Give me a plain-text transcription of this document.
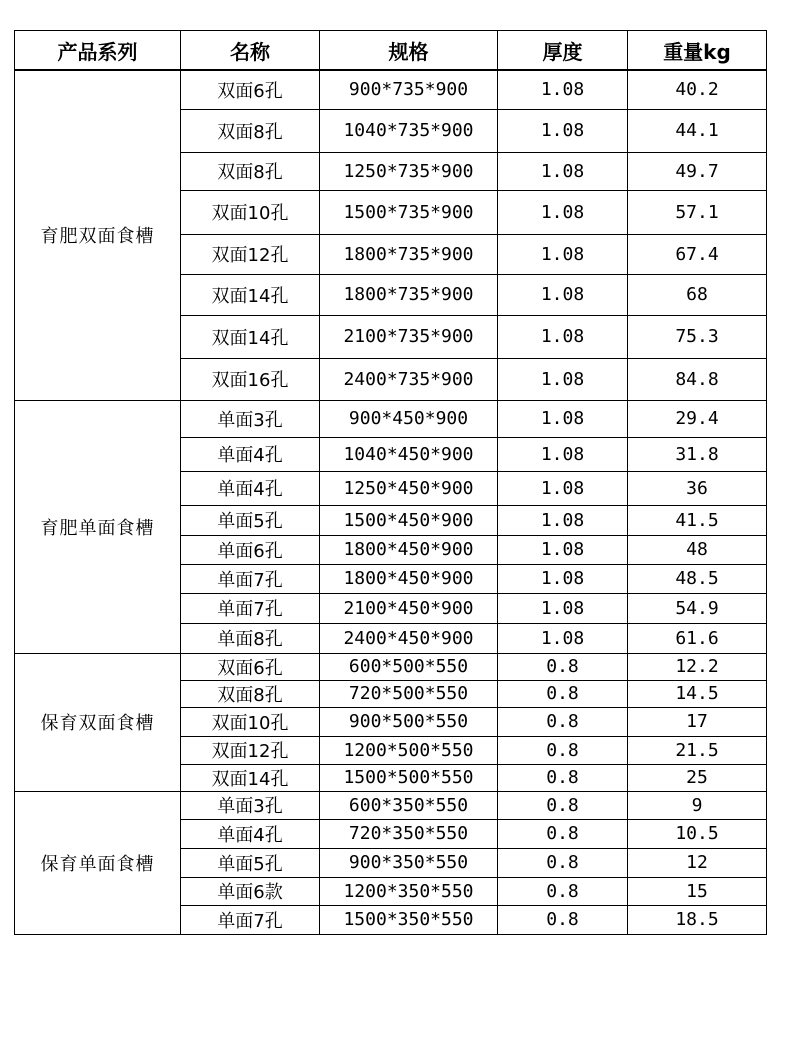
产品系列	名称	规格	厚度	重量kg
育肥双面食槽	双面6孔	900*735*900	1.08	40.2
	双面8孔	1040*735*900	1.08	44.1
	双面8孔	1250*735*900	1.08	49.7
	双面10孔	1500*735*900	1.08	57.1
	双面12孔	1800*735*900	1.08	67.4
	双面14孔	1800*735*900	1.08	68
	双面14孔	2100*735*900	1.08	75.3
	双面16孔	2400*735*900	1.08	84.8
育肥单面食槽	单面3孔	900*450*900	1.08	29.4
	单面4孔	1040*450*900	1.08	31.8
	单面4孔	1250*450*900	1.08	36
	单面5孔	1500*450*900	1.08	41.5
	单面6孔	1800*450*900	1.08	48
	单面7孔	1800*450*900	1.08	48.5
	单面7孔	2100*450*900	1.08	54.9
	单面8孔	2400*450*900	1.08	61.6
保育双面食槽	双面6孔	600*500*550	0.8	12.2
	双面8孔	720*500*550	0.8	14.5
	双面10孔	900*500*550	0.8	17
	双面12孔	1200*500*550	0.8	21.5
	双面14孔	1500*500*550	0.8	25
保育单面食槽	单面3孔	600*350*550	0.8	9
	单面4孔	720*350*550	0.8	10.5
	单面5孔	900*350*550	0.8	12
	单面6款	1200*350*550	0.8	15
	单面7孔	1500*350*550	0.8	18.5
